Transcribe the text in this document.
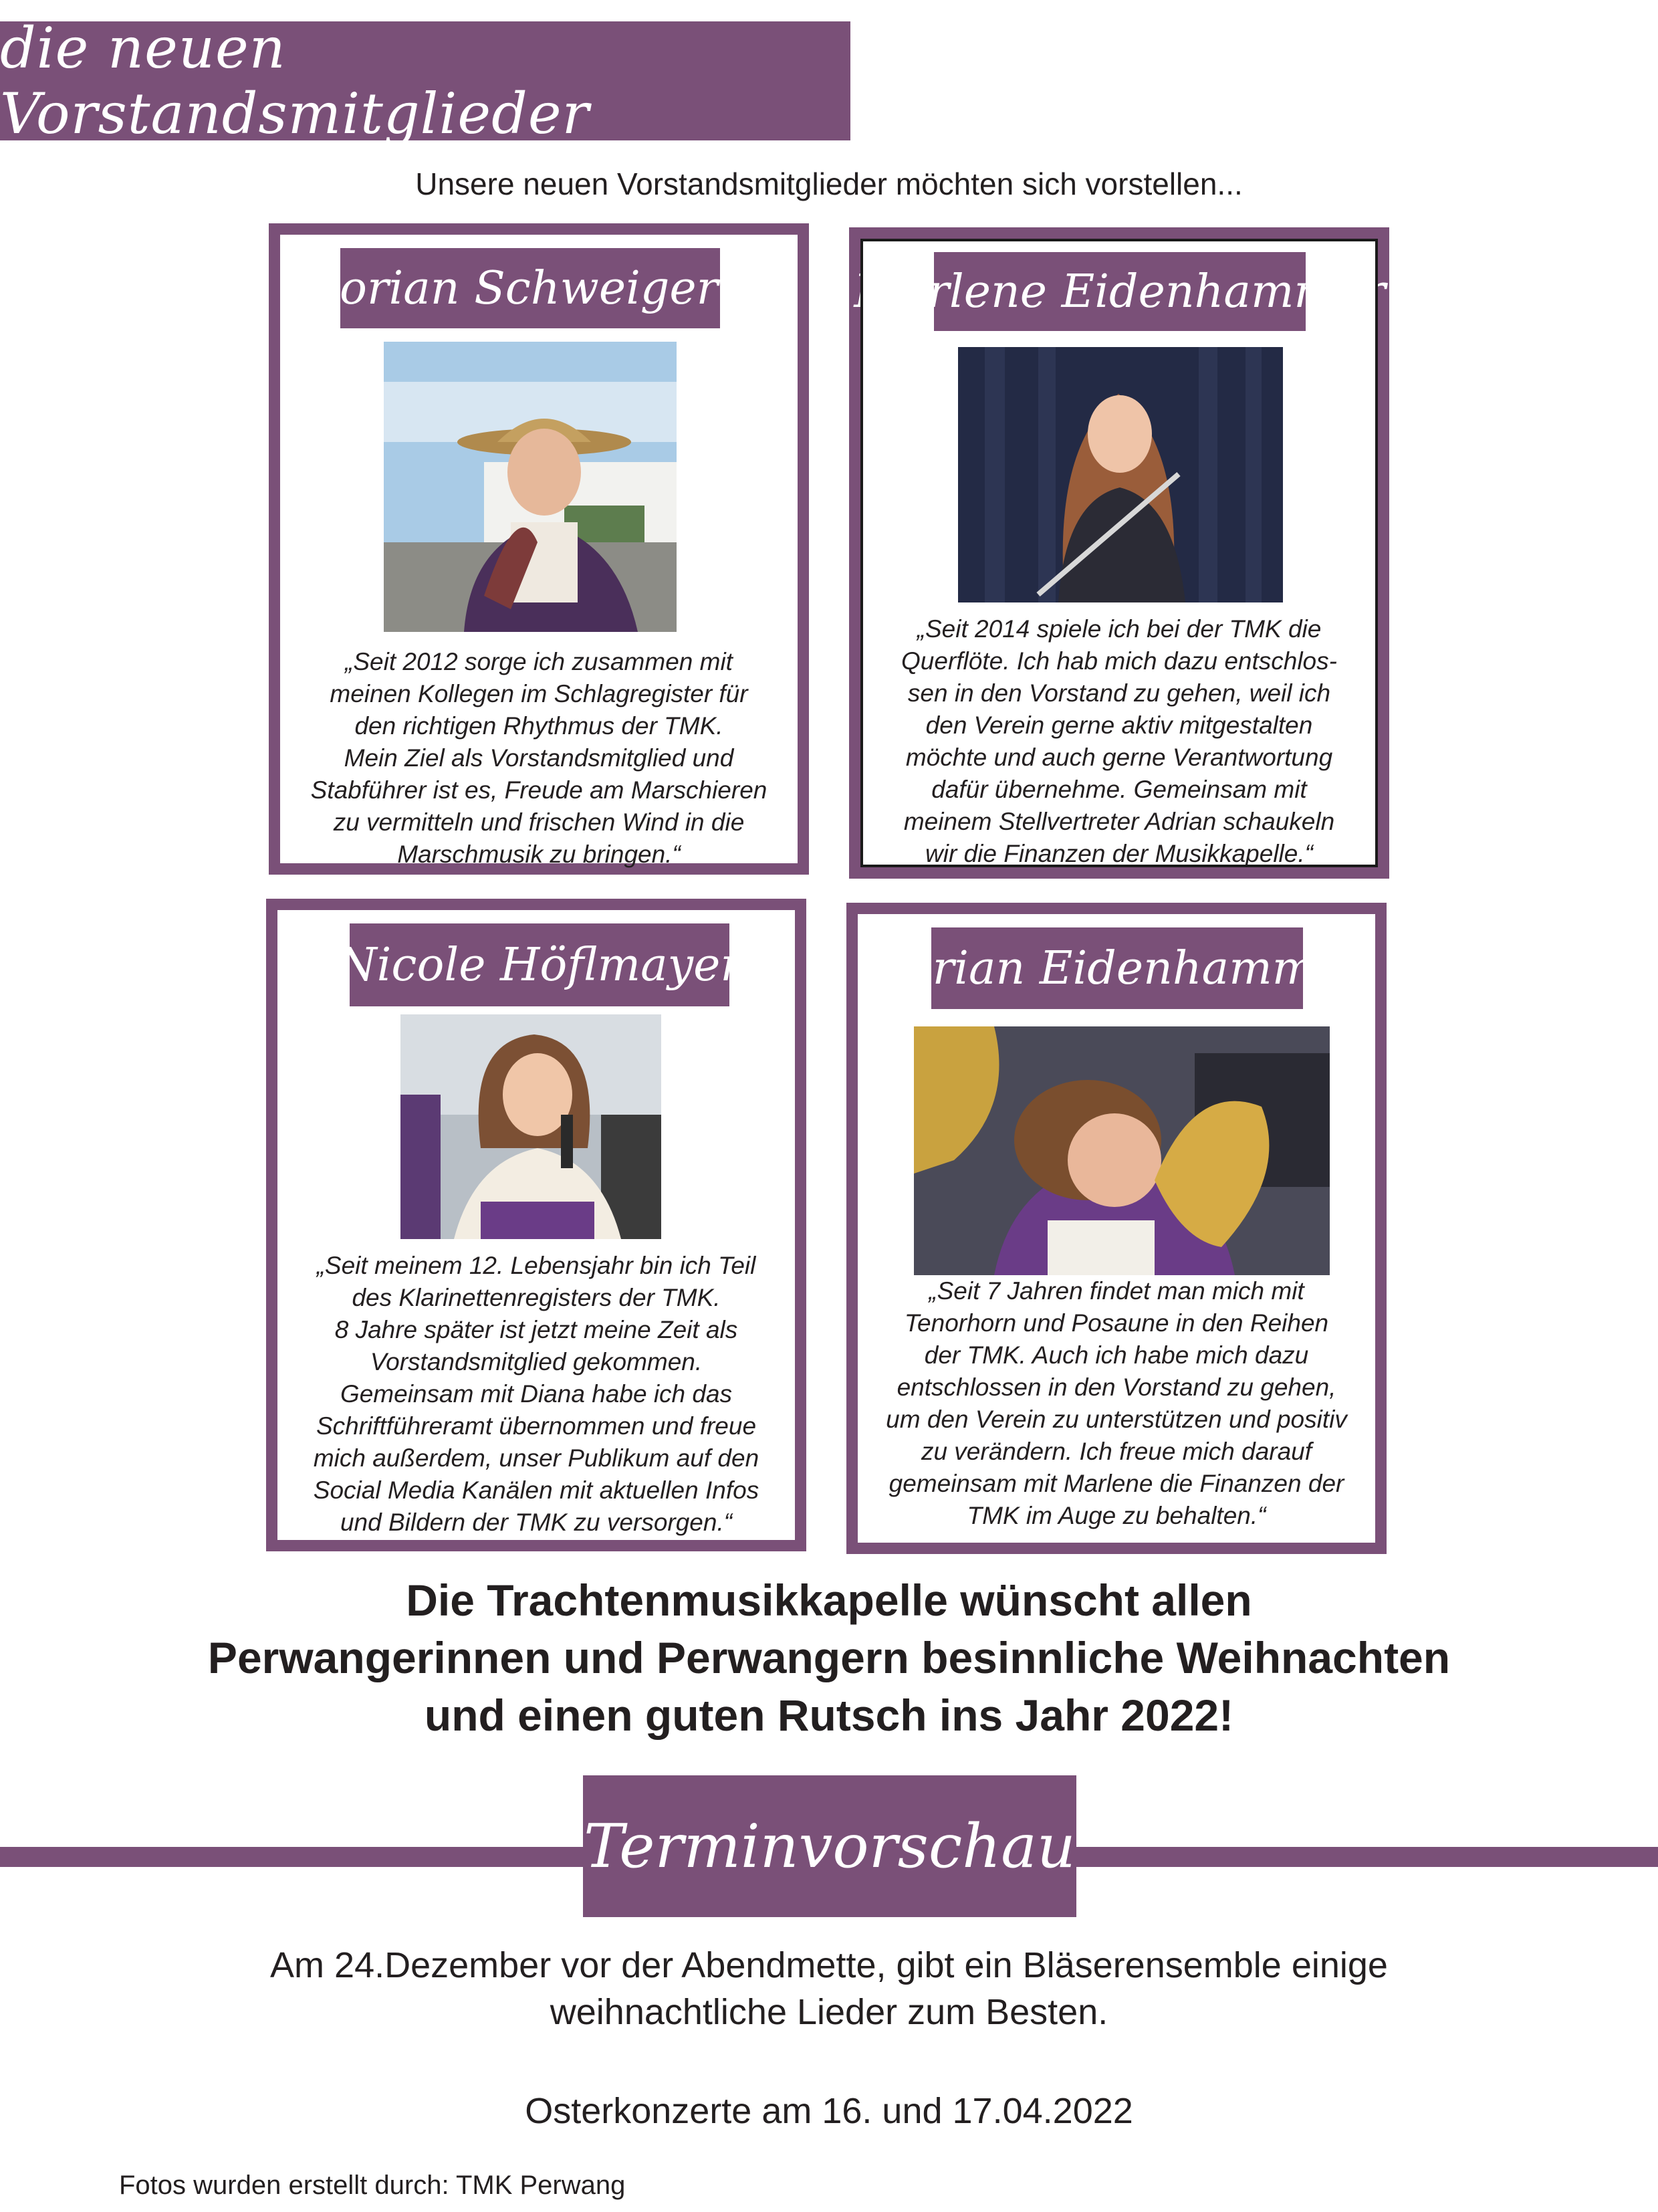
die neuen Vorstandsmitglieder
Unsere neuen Vorstandsmitglieder möchten sich vorstellen...
Florian Schweigerer
„Seit 2012 sorge ich zusammen mit
meinen Kollegen im Schlagregister für
den richtigen Rhythmus der TMK.
Mein Ziel als Vorstandsmitglied und
Stabführer ist es, Freude am Marschieren
zu vermitteln und frischen Wind in die
Marschmusik zu bringen.“
Marlene Eidenhammer
„Seit 2014 spiele ich bei der TMK die
Querflöte. Ich hab mich dazu entschlos-
sen in den Vorstand zu gehen, weil ich
den Verein gerne aktiv mitgestalten
möchte und auch gerne Verantwortung
dafür übernehme. Gemeinsam mit
meinem Stellvertreter Adrian schaukeln
wir die Finanzen der Musikkapelle.“
Nicole Höflmayer
„Seit meinem 12. Lebensjahr bin ich Teil
des Klarinettenregisters der TMK.
8 Jahre später ist jetzt meine Zeit als
Vorstandsmitglied gekommen.
Gemeinsam mit Diana habe ich das
Schriftführeramt übernommen und freue
mich außerdem, unser Publikum auf den
Social Media Kanälen mit aktuellen Infos
und Bildern der TMK zu versorgen.“
Adrian Eidenhammer
„Seit 7 Jahren findet man mich mit
Tenorhorn und Posaune in den Reihen
der TMK. Auch ich habe mich dazu
entschlossen in den Vorstand zu gehen,
um den Verein zu unterstützen und positiv
zu verändern. Ich freue mich darauf
gemeinsam mit Marlene die Finanzen der
TMK im Auge zu behalten.“
Die Trachtenmusikkapelle wünscht allen
Perwangerinnen und Perwangern besinnliche Weihnachten
und einen guten Rutsch ins Jahr 2022!
Terminvorschau
Am 24.Dezember vor der Abendmette, gibt ein Bläserensemble einige
weihnachtliche Lieder zum Besten.
Osterkonzerte am 16. und 17.04.2022
Fotos wurden erstellt durch: TMK Perwang
